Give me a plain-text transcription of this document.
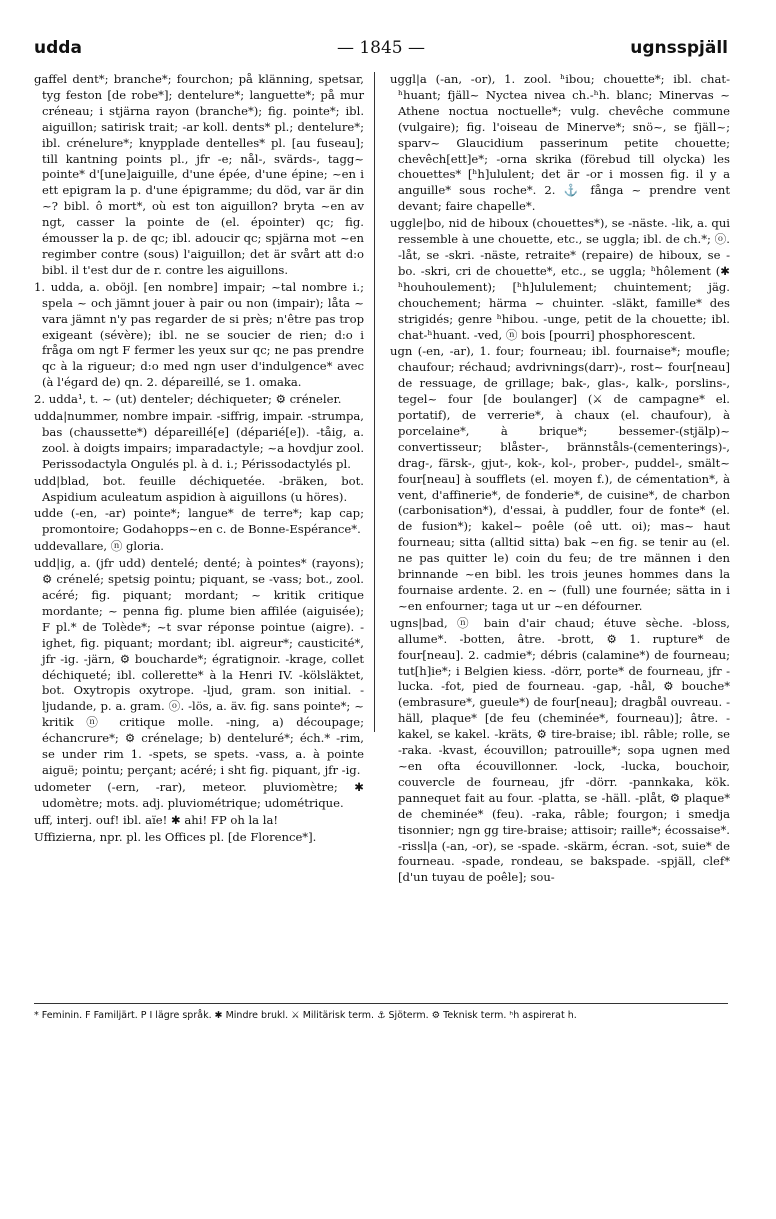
udda	— 1845 —	ugnsspjäll

gaffel dent*; branche*; fourchon; på klänning, spetsar, tyg feston [de robe*]; dentelure*; languette*; på mur créneau; i stjärna rayon (branche*); fig. pointe*; ibl. aiguillon; satirisk trait; -ar koll. dents* pl.; dentelure*; ibl. crénelure*; knypplade dentelles* pl. [au fuseau]; till kantning points pl., jfr -e; nål-, svärds-, tagg~ pointe* d'[une]aiguille, d'une épée, d'une épine; ~en i ett epigram la p. d'une épigramme; du död, var är din ~? bibl. ô mort*, où est ton aiguillon? bryta ~en av ngt, casser la pointe de (el. épointer) qc; fig. émousser la p. de qc; ibl. adoucir qc; spjärna mot ~en regimber contre (sous) l'aiguillon; det är svårt att d:o bibl. il t'est dur de r. contre les aiguillons.

1. udda, a. oböjl. [en nombre] impair; ~tal nombre i.; spela ~ och jämnt jouer à pair ou non (impair); låta ~ vara jämnt n'y pas regarder de si près; n'être pas trop exigeant (sévère); ibl. ne se soucier de rien; d:o i fråga om ngt F fermer les yeux sur qc; ne pas prendre qc à la rigueur; d:o med ngn user d'indulgence* avec (à l'égard de) qn. 2. dépareillé, se 1. omaka.

2. udda¹, t. ~ (ut) denteler; déchiqueter; ⚙ créneler.

udda|nummer, nombre impair. -siffrig, impair. -strumpa, bas (chaussette*) dépareillé[e] (déparié[e]). -tåig, a. zool. à doigts impairs; imparadactyle; ~a hovdjur zool. Perissodactyla Ongulés pl. à d. i.; Périssodactylés pl.

udd|blad, bot. feuille déchiquetée. -bräken, bot. Aspidium aculeatum aspidion à aiguillons (u höres).

udde (-en, -ar) pointe*; langue* de terre*; kap cap; promontoire; Godahopps~en c. de Bonne-Espérance*.

uddevallare, ⓝ gloria.

udd|ig, a. (jfr udd) dentelé; denté; à pointes* (rayons); ⚙ crénelé; spetsig pointu; piquant, se -vass; bot., zool. acéré; fig. piquant; mordant; ~ kritik critique mordante; ~ penna fig. plume bien affilée (aiguisée); F pl.* de Tolède*; ~t svar réponse pointue (aigre). -ighet, fig. piquant; mordant; ibl. aigreur*; causticité*, jfr -ig. -järn, ⚙ boucharde*; égratignoir. -krage, collet déchiqueté; ibl. collerette* à la Henri IV. -kölsläktet, bot. Oxytropis oxytrope. -ljud, gram. son initial. -ljudande, p. a. gram. ⓞ. -lös, a. äv. fig. sans pointe*; ~ kritik ⓝ critique molle. -ning, a) découpage; échancrure*; ⚙ crénelage; b) denteluré*; éch.* -rim, se under rim 1. -spets, se spets. -vass, a. à pointe aiguë; pointu; perçant; acéré; i sht fig. piquant, jfr -ig.

udometer (-ern, -rar), meteor. pluviomètre; ✱ udomètre; mots. adj. pluviométrique; udométrique.

uff, interj. ouf! ibl. aïe! ✱ ahi! FP oh la la!

Uffizierna, npr. pl. les Offices pl. [de Florence*].

uggl|a (-an, -or), 1. zool. ʰibou; chouette*; ibl. chat-ʰhuant; fjäll~ Nyctea nivea ch.-ʰh. blanc; Minervas ~ Athene noctua noctuelle*; vulg. chevêche commune (vulgaire); fig. l'oiseau de Minerve*; snö~, se fjäll~; sparv~ Glaucidium passerinum petite chouette; chevêch[ett]e*; -orna skrika (förebud till olycka) les chouettes* [ʰh]ululent; det är -or i mossen fig. il y a anguille* sous roche*. 2. ⚓ fånga ~ prendre vent devant; faire chapelle*.

uggle|bo, nid de hiboux (chouettes*), se -näste. -lik, a. qui ressemble à une chouette, etc., se uggla; ibl. de ch.*; ⓞ. -låt, se -skri. -näste, retraite* (repaire) de hiboux, se -bo. -skri, cri de chouette*, etc., se uggla; ʰhôlement (✱ ʰhouhoulement); [ʰh]ululement; chuintement; jäg. chouchement; härma ~ chuinter. -släkt, famille* des strigidés; genre ʰhibou. -unge, petit de la chouette; ibl. chat-ʰhuant. -ved, ⓝ bois [pourri] phosphorescent.

ugn (-en, -ar), 1. four; fourneau; ibl. fournaise*; moufle; chaufour; réchaud; avdrivnings(darr)-, rost~ four[neau] de ressuage, de grillage; bak-, glas-, kalk-, porslins-, tegel~ four [de boulanger] (⚔ de campagne* el. portatif), de verrerie*, à chaux (el. chaufour), à porcelaine*, à brique*; bessemer-(stjälp)~ convertisseur; blåster-, brännståls-(cementerings)-, drag-, färsk-, gjut-, kok-, kol-, prober-, puddel-, smält~ four[neau] à soufflets (el. moyen f.), de cémentation*, à vent, d'affinerie*, de fonderie*, de cuisine*, de charbon (carbonisation*), d'essai, à puddler, four de fonte* (el. de fusion*); kakel~ poêle (oê utt. oi); mas~ haut fourneau; sitta (alltid sitta) bak ~en fig. se tenir au (el. ne pas quitter le) coin du feu; de tre männen i den brinnande ~en bibl. les trois jeunes hommes dans la fournaise ardente. 2. en ~ (full) une fournée; sätta in i ~en enfourner; taga ut ur ~en défourner.

ugns|bad, ⓝ bain d'air chaud; étuve sèche. -bloss, allume*. -botten, âtre. -brott, ⚙ 1. rupture* de four[neau]. 2. cadmie*; débris (calamine*) de fourneau; tut[h]ie*; i Belgien kiess. -dörr, porte* de fourneau, jfr -lucka. -fot, pied de fourneau. -gap, -hål, ⚙ bouche* (embrasure*, gueule*) de four[neau]; dragbål ouvreau. -häll, plaque* [de feu (cheminée*, fourneau)]; âtre. -kakel, se kakel. -kräts, ⚙ tire-braise; ibl. râble; rolle, se -raka. -kvast, écouvillon; patrouille*; sopa ugnen med ~en ofta écouvillonner. -lock, -lucka, bouchoir, couvercle de fourneau, jfr -dörr. -pannkaka, kök. pannequet fait au four. -platta, se -häll. -plåt, ⚙ plaque* de cheminée* (feu). -raka, râble; fourgon; i smedja tisonnier; ngn gg tire-braise; attisoir; raille*; écossaise*. -rissl|a (-an, -or), se -spade. -skärm, écran. -sot, suie* de fourneau. -spade, rondeau, se bakspade. -spjäll, clef* [d'un tuyau de poêle]; sou-

* Feminin. F Familjärt. P I lägre språk. ✱ Mindre brukl. ⚔ Militärisk term. ⚓ Sjöterm. ⚙ Teknisk term. ʰh aspirerat h.
